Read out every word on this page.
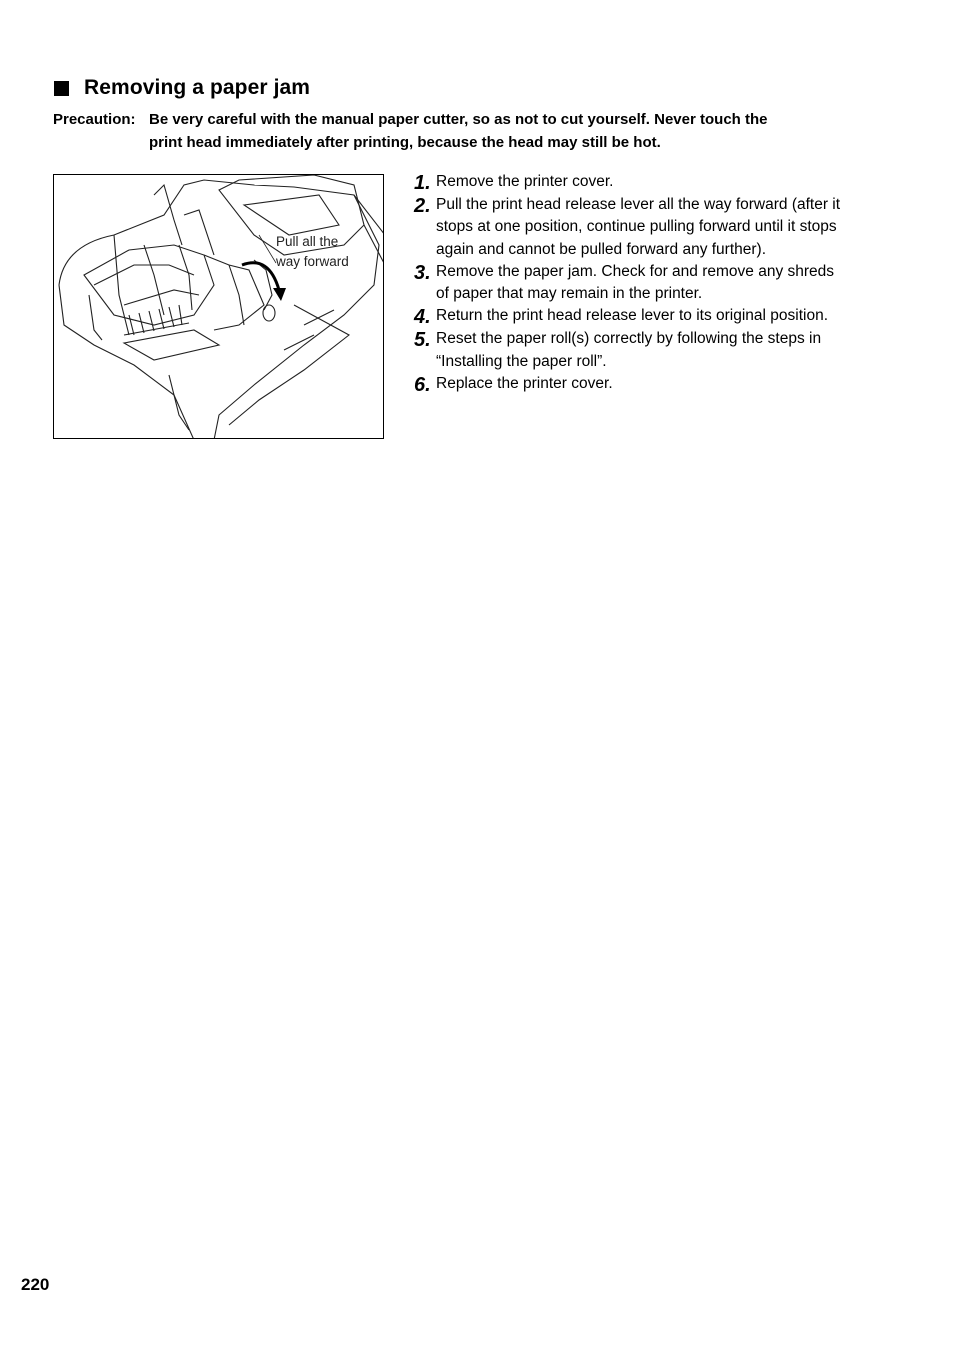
Removing a paper jam
Precaution: Be very careful with the manual paper cutter, so as not to cut yourself. Never touch the
print head immediately after printing, because the head may still be hot.
Pull all the
way forward
1. Remove the printer cover.
2. Pull the print head release lever all the way forward (after it
stops at one position, continue pulling forward until it stops
again and cannot be pulled forward any further).
3. Remove the paper jam. Check for and remove any shreds
of paper that may remain in the printer.
4. Return the print head release lever to its original position.
5. Reset the paper roll(s) correctly by following the steps in
“Installing the paper roll”.
6. Replace the printer cover.
220
